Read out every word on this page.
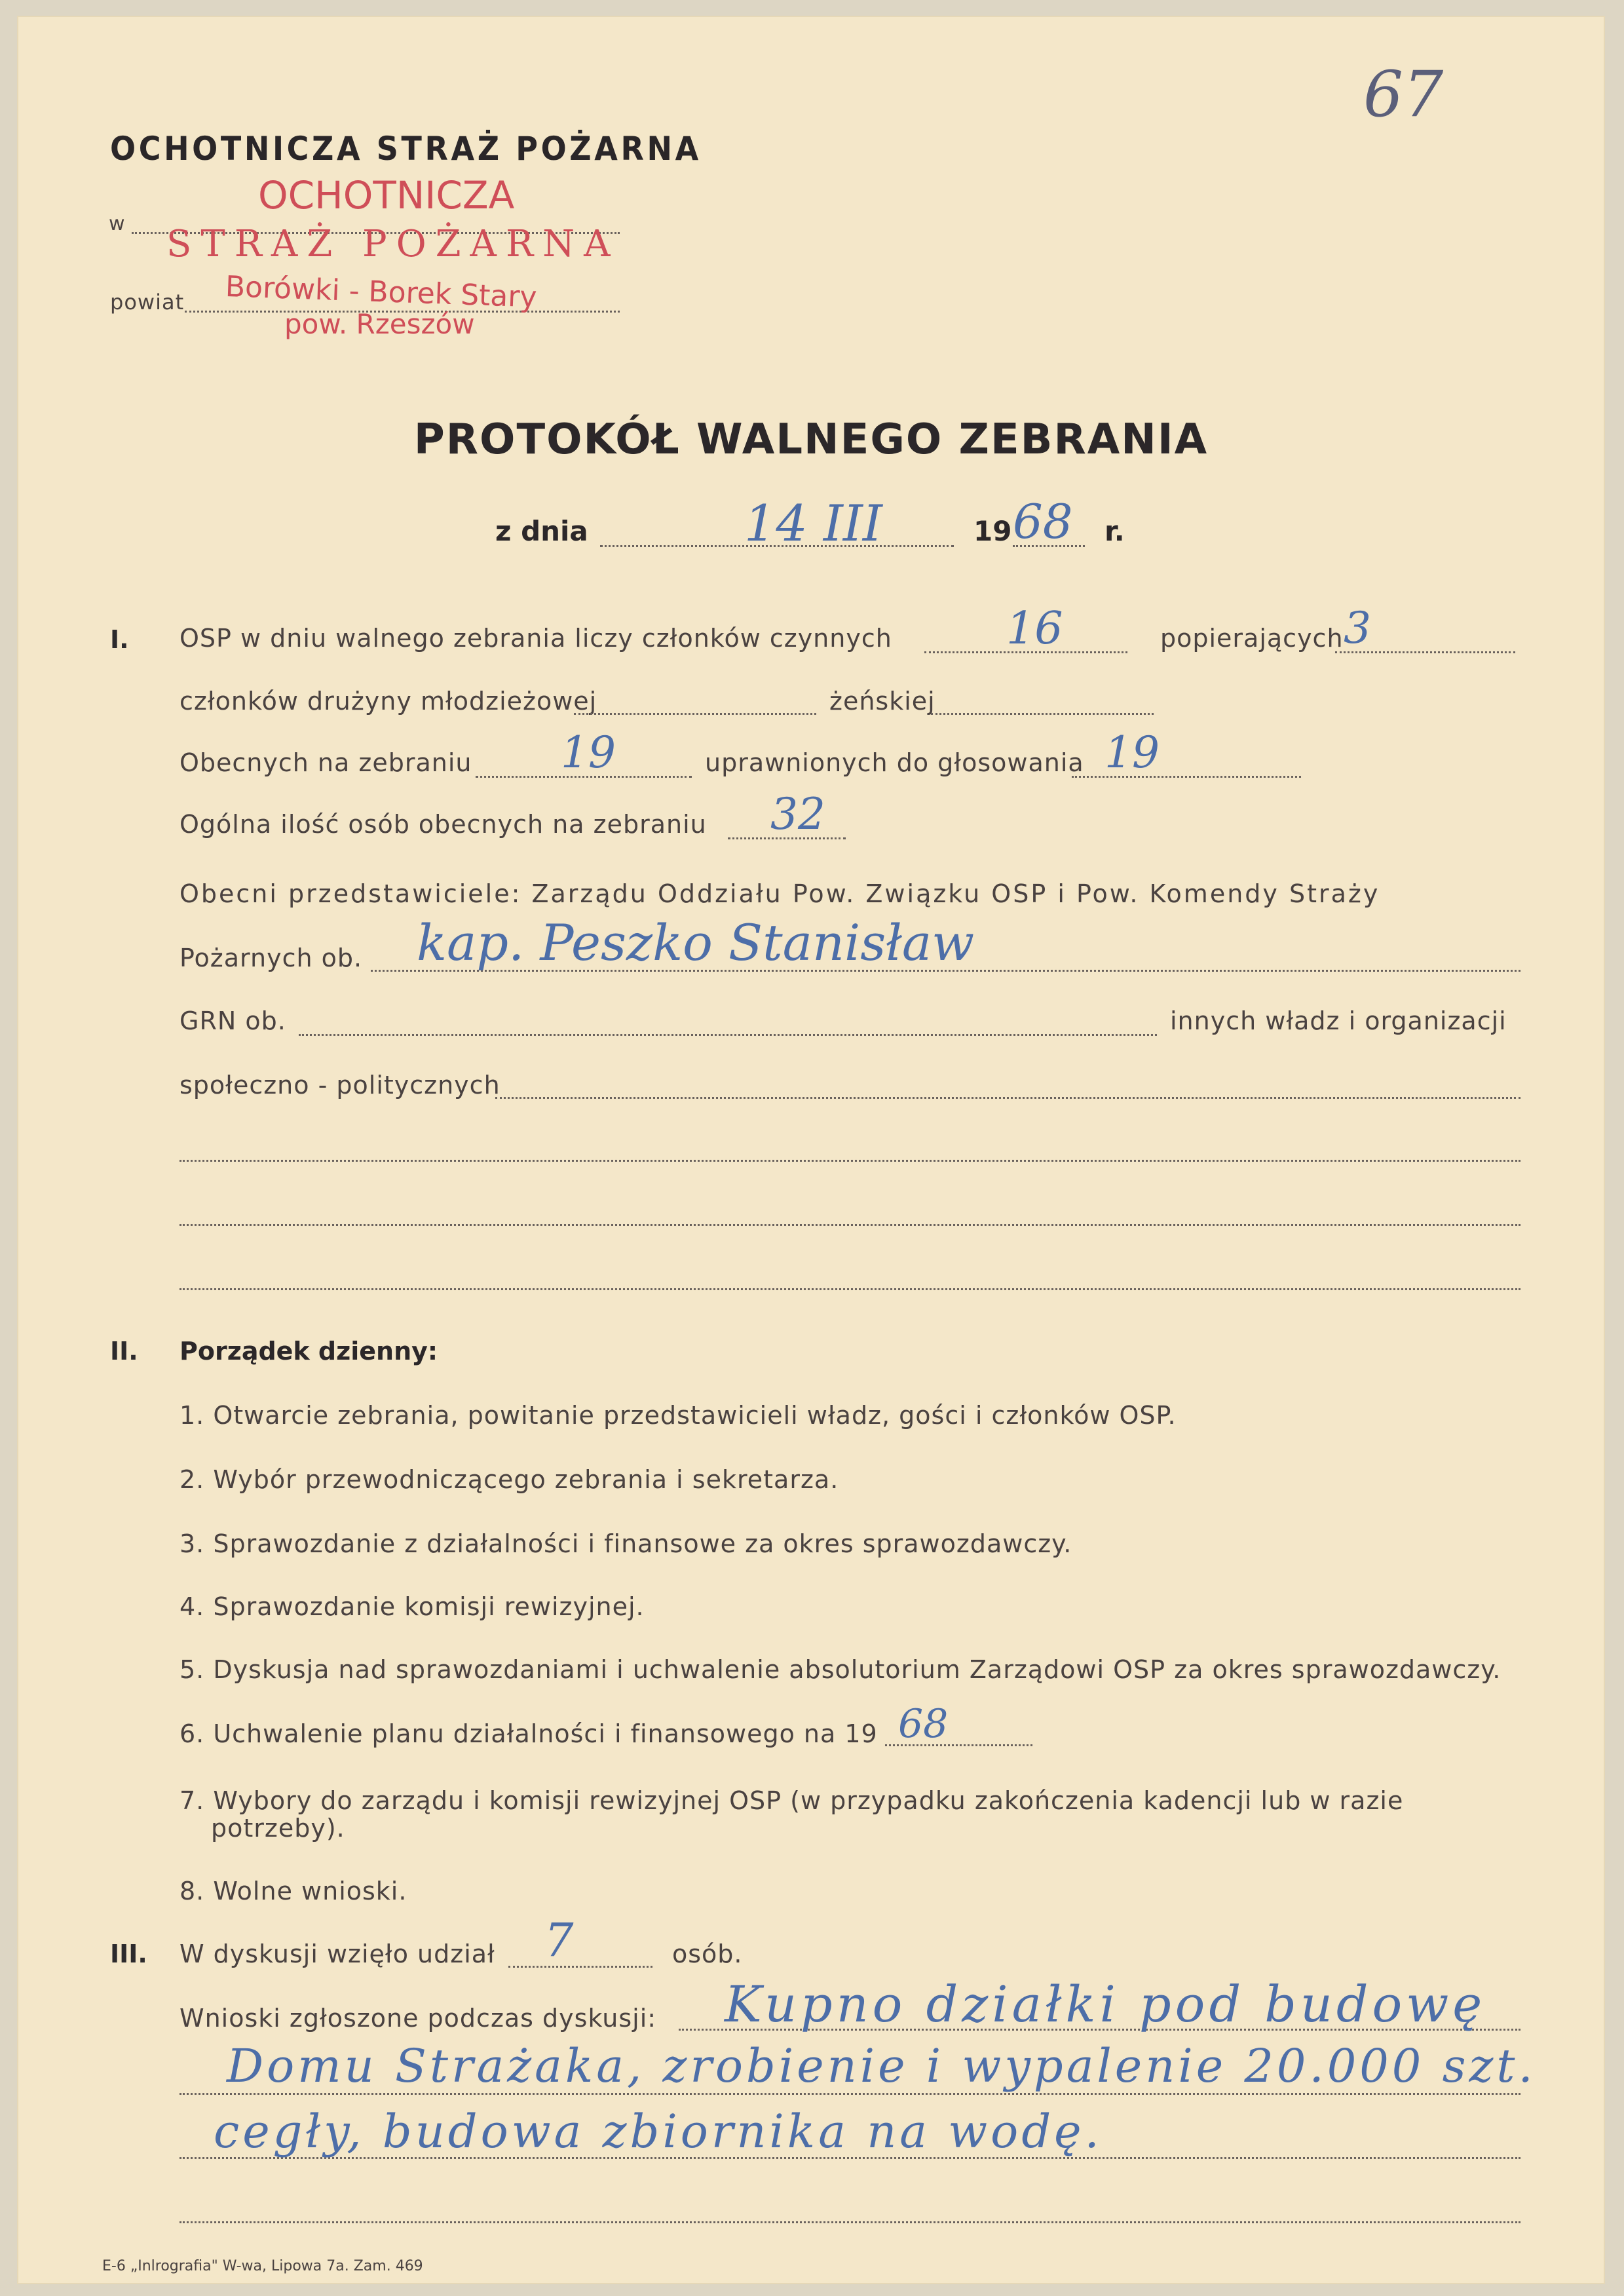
67
OCHOTNICZA STRAŻ POŻARNA
w
powiat
OCHOTNICZA
STRAŻ POŻARNA
Borówki - Borek Stary
pow. Rzeszów
PROTOKÓŁ WALNEGO ZEBRANIA
z dnia	14 III	19 68 r.
I. OSP w dniu walnego zebrania liczy członków czynnych	16	popierających 3
członków drużyny młodzieżowej	żeńskiej
Obecnych na zebraniu 19	uprawnionych do głosowania 19
Ogólna ilość osób obecnych na zebraniu 32
Obecni przedstawiciele: Zarządu Oddziału Pow. Związku OSP i Pow. Komendy Straży
Pożarnych ob. kap. Peszko Stanisław
GRN ob.	innych władz i organizacji
społeczno - politycznych
II. Porządek dzienny:
1. Otwarcie zebrania, powitanie przedstawicieli władz, gości i członków OSP.
2. Wybór przewodniczącego zebrania i sekretarza.
3. Sprawozdanie z działalności i finansowe za okres sprawozdawczy.
4. Sprawozdanie komisji rewizyjnej.
5. Dyskusja nad sprawozdaniami i uchwalenie absolutorium Zarządowi OSP za okres sprawozdawczy.
6. Uchwalenie planu działalności i finansowego na 19 68
7. Wybory do zarządu i komisji rewizyjnej OSP (w przypadku zakończenia kadencji lub w razie
potrzeby).
8. Wolne wnioski.
III. W dyskusji wzięło udział 7	osób.
Wnioski zgłoszone podczas dyskusji: Kupno działki pod budowę
Domu Strażaka, zrobienie i wypalenie 20.000 szt.
cegły, budowa zbiornika na wodę.
E-6 „Inlrografia" W-wa, Lipowa 7a. Zam. 469
